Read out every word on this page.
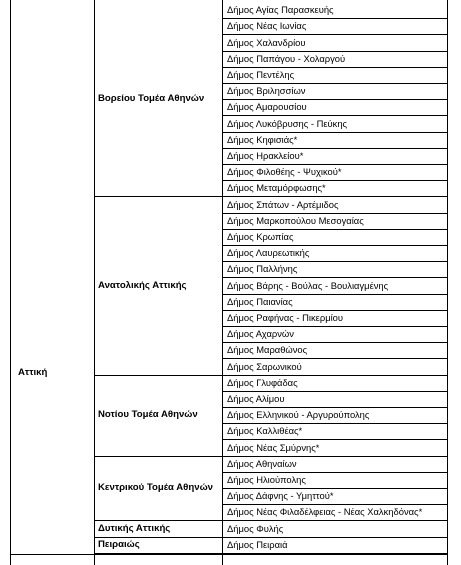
Αττική
Δήμος Αγίας Παρασκευής
Δήμος Νέας Ιωνίας
Δήμος Χαλανδρίου
Δήμος Παπάγου - Χολαργού
Δήμος Πεντέλης
Δήμος Βριλησσίων
Δήμος Αμαρουσίου
Δήμος Λυκόβρυσης - Πεύκης
Δήμος Κηφισιάς*
Δήμος Ηρακλείου*
Δήμος Φιλοθέης - Ψυχικού*
Δήμος Μεταμόρφωσης*
Βορείου Τομέα Αθηνών
Δήμος Σπάτων - Αρτέμιδος
Δήμος Μαρκοπούλου Μεσογαίας
Δήμος Κρωπίας
Δήμος Λαυρεωτικής
Δήμος Παλλήνης
Δήμος Βάρης - Βούλας - Βουλιαγμένης
Δήμος Παιανίας
Δήμος Ραφήνας - Πικερμίου
Δήμος Αχαρνών
Δήμος Μαραθώνος
Δήμος Σαρωνικού
Ανατολικής Αττικής
Δήμος Γλυφάδας
Δήμος Αλίμου
Δήμος Ελληνικού - Αργυρούπολης
Δήμος Καλλιθέας*
Δήμος Νέας Σμύρνης*
Νοτίου Τομέα Αθηνών
Δήμος Αθηναίων
Δήμος Ηλιούπολης
Δήμος Δάφνης - Υμηττού*
Δήμος Νέας Φιλαδέλφειας - Νέας Χαλκηδόνας*
Κεντρικού Τομέα Αθηνών
Δήμος Φυλής
Δυτικής Αττικής
Δήμος Πειραιά
Πειραιώς
